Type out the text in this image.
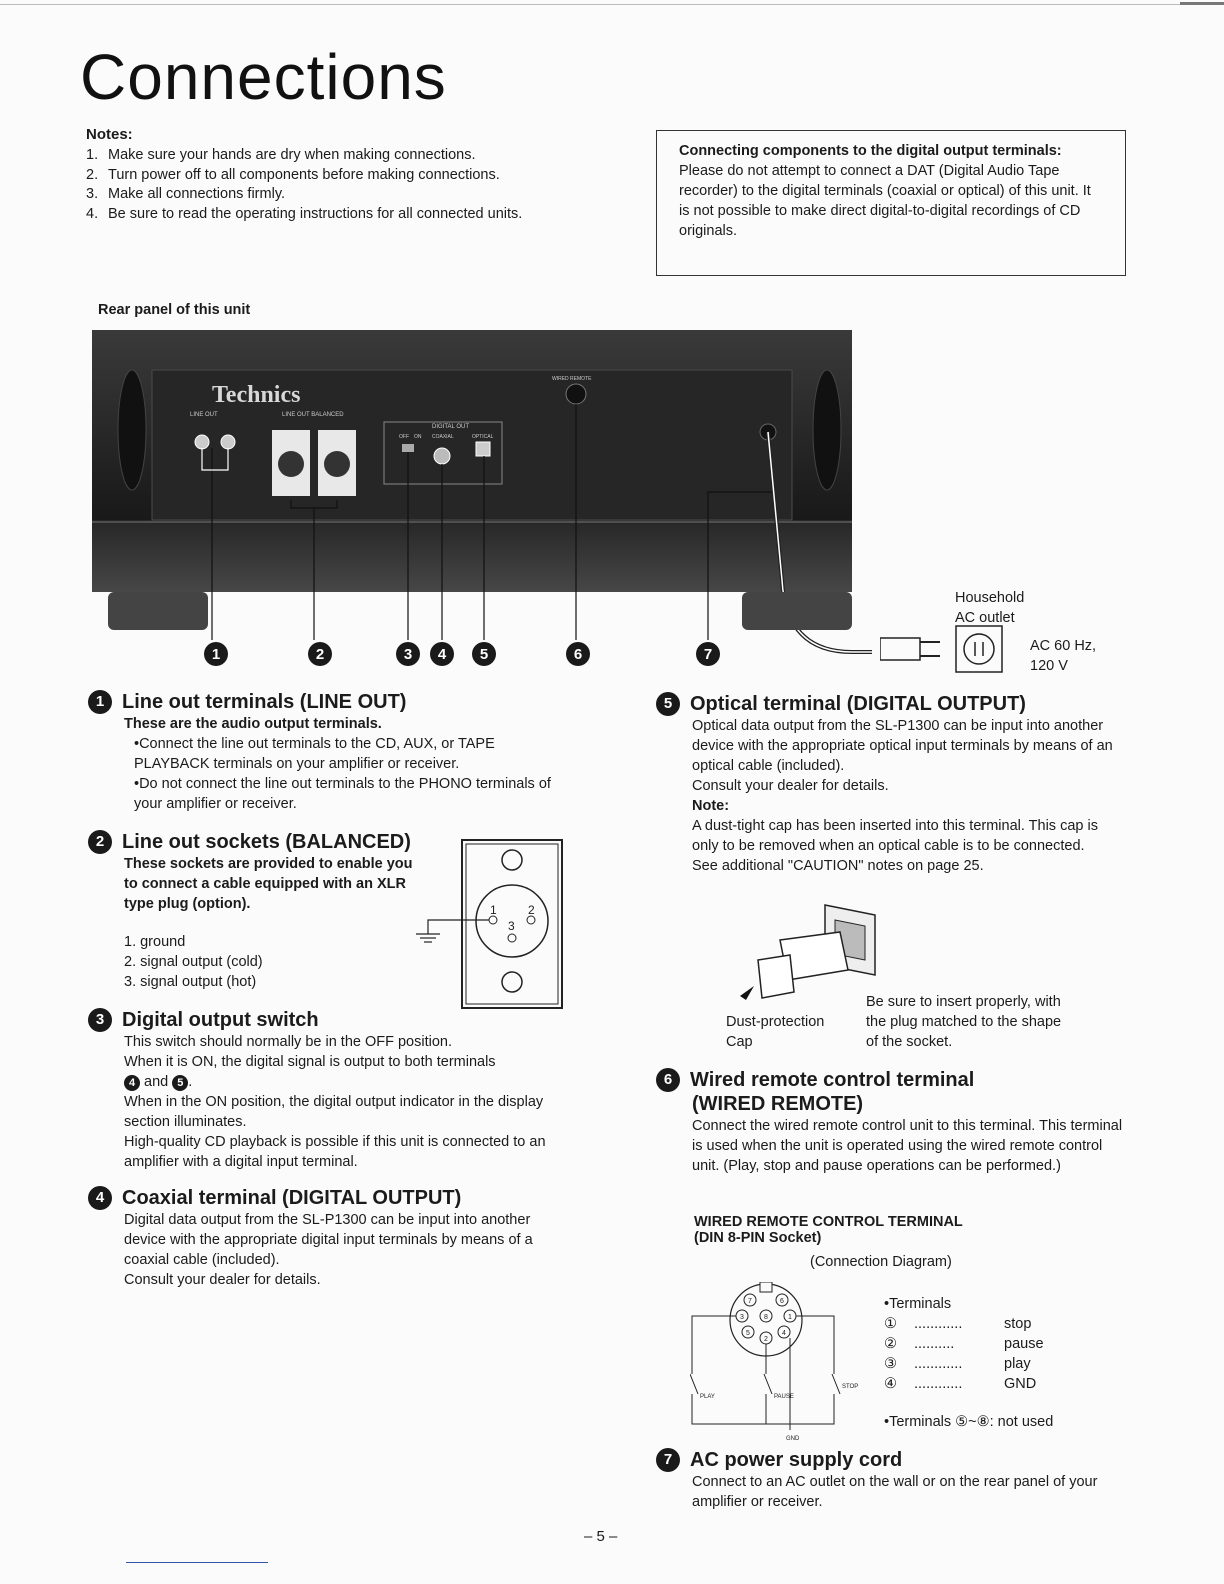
Connections
Notes:
1. Make sure your hands are dry when making connections.
2. Turn power off to all components before making connections.
3. Make all connections firmly.
4. Be sure to read the operating instructions for all connected units.
Connecting components to the digital output terminals:
Please do not attempt to connect a DAT (Digital Audio Tape recorder) to the digital terminals (coaxial or optical) of this unit. It is not possible to make direct digital-to-digital recordings of CD originals.
Rear panel of this unit
Technics
LINE OUT	LINE OUT BALANCED
DIGITAL OUT
OFF ON COAXIAL	OPTICAL
WIRED REMOTE
1	2	3	4	5	6	7
Household
AC outlet
AC 60 Hz,
120 V
1 Line out terminals (LINE OUT)
These are the audio output terminals.
•Connect the line out terminals to the CD, AUX, or TAPE PLAYBACK terminals on your amplifier or receiver.
•Do not connect the line out terminals to the PHONO terminals of your amplifier or receiver.
2 Line out sockets (BALANCED)
These sockets are provided to enable you to connect a cable equipped with an XLR type plug (option).
1. ground
2. signal output (cold)
3. signal output (hot)
1	2
3
3 Digital output switch
This switch should normally be in the OFF position.
When it is ON, the digital signal is output to both terminals
4 and 5 .
When in the ON position, the digital output indicator in the display section illuminates.
High-quality CD playback is possible if this unit is connected to an amplifier with a digital input terminal.
4 Coaxial terminal (DIGITAL OUTPUT)
Digital data output from the SL-P1300 can be input into another device with the appropriate digital input terminals by means of a coaxial cable (included).
Consult your dealer for details.
5 Optical terminal (DIGITAL OUTPUT)
Optical data output from the SL-P1300 can be input into another device with the appropriate optical input terminals by means of an optical cable (included).
Consult your dealer for details.
Note:
A dust-tight cap has been inserted into this terminal. This cap is only to be removed when an optical cable is to be connected.
See additional "CAUTION" notes on page 25.
Dust-protection
Cap
Be sure to insert properly, with
the plug matched to the shape
of the socket.
6 Wired remote control terminal
(WIRED REMOTE)
Connect the wired remote control unit to this terminal. This terminal is used when the unit is operated using the wired remote control unit. (Play, stop and pause operations can be performed.)
WIRED REMOTE CONTROL TERMINAL
(DIN 8-PIN Socket)
(Connection Diagram)
7	6
3	8	1
5
2
4
PLAY	PAUSE
STOP
GND
•Terminals
①	............	stop
②	..........	pause
③	............	play
④	............	GND
•Terminals ⑤~⑧: not used
7 AC power supply cord
Connect to an AC outlet on the wall or on the rear panel of your amplifier or receiver.
– 5 –
